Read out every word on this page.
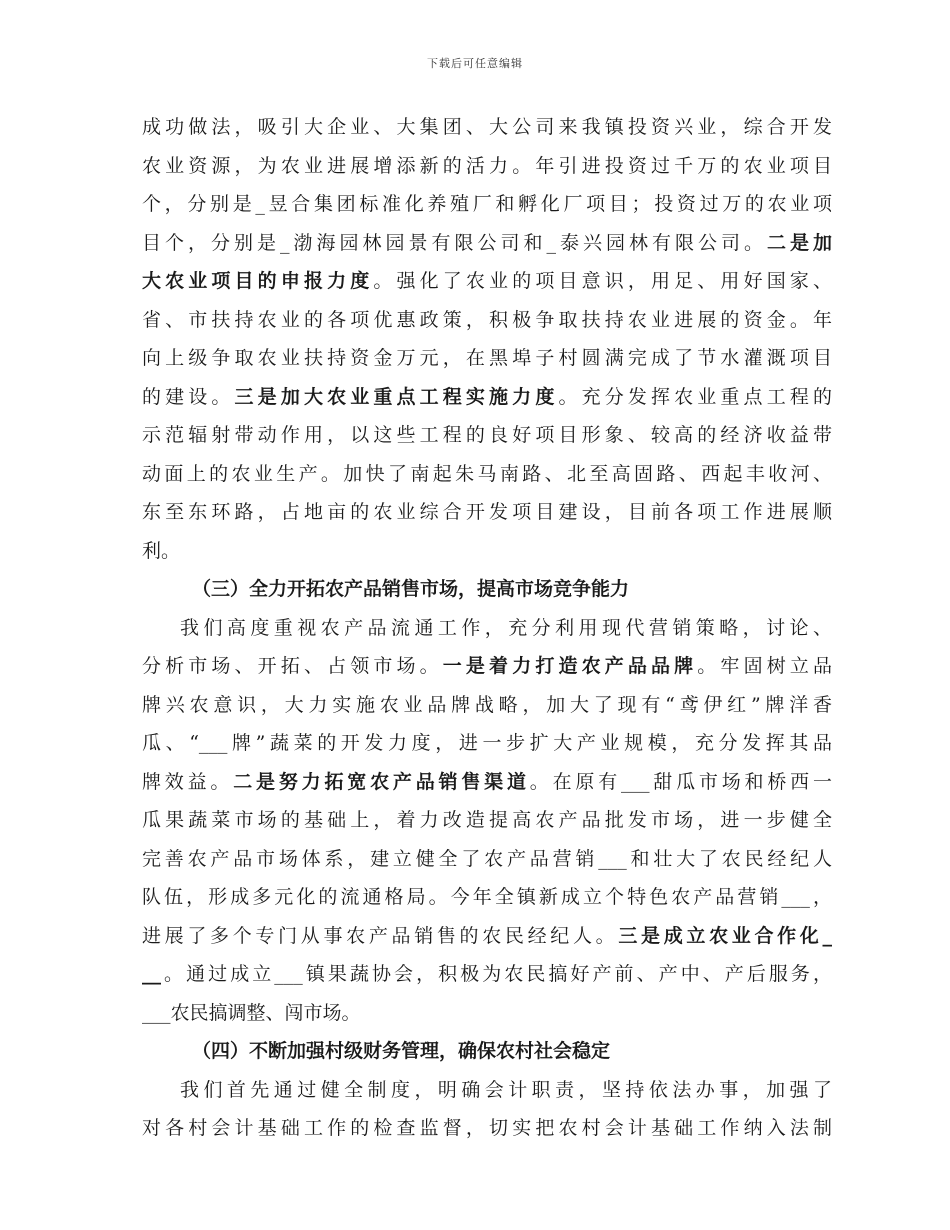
下载后可任意编辑
成功做法，吸引大企业、大集团、大公司来我镇投资兴业，综合开发
农业资源，为农业进展增添新的活力。年引进投资过千万的农业项目
个，分别是_昱合集团标准化养殖厂和孵化厂项目；投资过万的农业项
目个，分别是_渤海园林园景有限公司和_泰兴园林有限公司。二是加
大农业项目的申报力度。强化了农业的项目意识，用足、用好国家、
省、市扶持农业的各项优惠政策，积极争取扶持农业进展的资金。年
向上级争取农业扶持资金万元，在黑埠子村圆满完成了节水灌溉项目
的建设。三是加大农业重点工程实施力度。充分发挥农业重点工程的
示范辐射带动作用，以这些工程的良好项目形象、较高的经济收益带
动面上的农业生产。加快了南起朱马南路、北至高固路、西起丰收河、
东至东环路，占地亩的农业综合开发项目建设，目前各项工作进展顺
利。
（三）全力开拓农产品销售市场，提高市场竞争能力
我们高度重视农产品流通工作，充分利用现代营销策略，讨论、
分析市场、开拓、占领市场。一是着力打造农产品品牌。牢固树立品
牌兴农意识，大力实施农业品牌战略，加大了现有“鸢伊红”牌洋香
瓜、“___牌”蔬菜的开发力度，进一步扩大产业规模，充分发挥其品
牌效益。二是努力拓宽农产品销售渠道。在原有___甜瓜市场和桥西一
瓜果蔬菜市场的基础上，着力改造提高农产品批发市场，进一步健全
完善农产品市场体系，建立健全了农产品营销___和壮大了农民经纪人
队伍，形成多元化的流通格局。今年全镇新成立个特色农产品营销___，
进展了多个专门从事农产品销售的农民经纪人。三是成立农业合作化_
__。通过成立___镇果蔬协会，积极为农民搞好产前、产中、产后服务，
___农民搞调整、闯市场。
（四）不断加强村级财务管理，确保农村社会稳定
我们首先通过健全制度，明确会计职责，坚持依法办事，加强了
对各村会计基础工作的检查监督，切实把农村会计基础工作纳入法制
